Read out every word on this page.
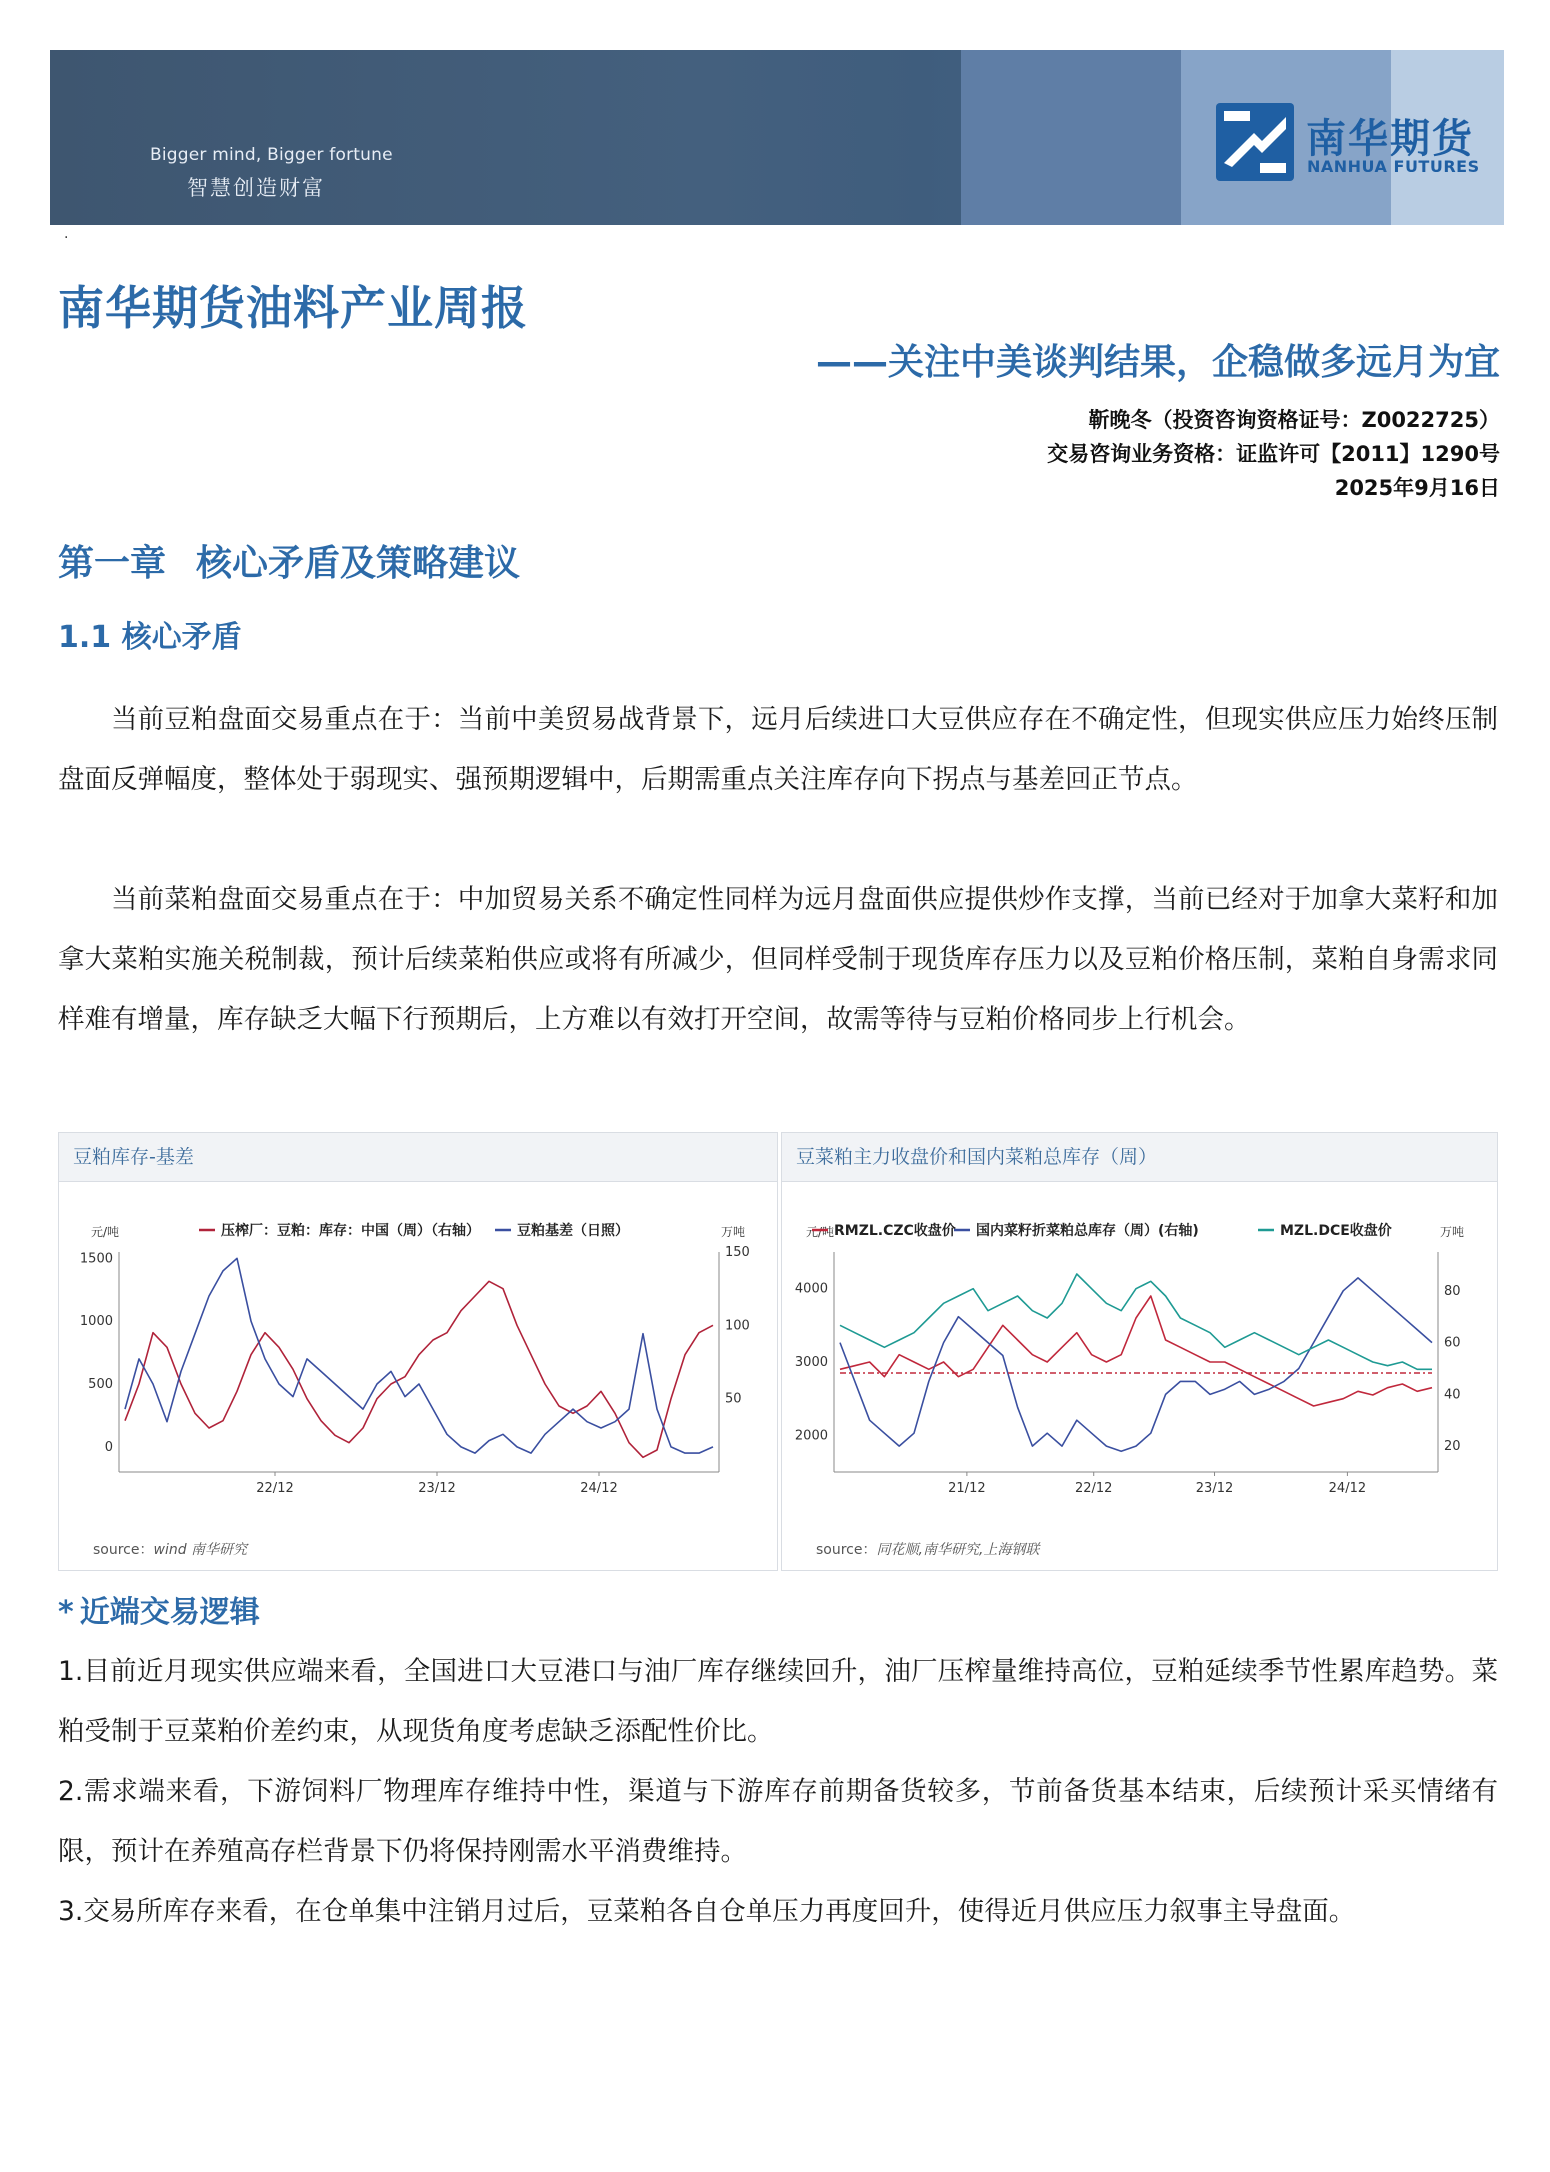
Bigger mind, Bigger fortune
智慧创造财富
南华期货
NANHUA FUTURES
.
南华期货油料产业周报
——关注中美谈判结果，企稳做多远月为宜
靳晚冬（投资咨询资格证号：Z0022725）
交易咨询业务资格：证监许可【2011】1290号
2025年9月16日
第一章 核心矛盾及策略建议
1.1 核心矛盾

当前豆粕盘面交易重点在于：当前中美贸易战背景下，远月后续进口大豆供应存在不确定性，但现实供应压力始终压制盘面反弹幅度，整体处于弱现实、强预期逻辑中，后期需重点关注库存向下拐点与基差回正节点。

当前菜粕盘面交易重点在于：中加贸易关系不确定性同样为远月盘面供应提供炒作支撑，当前已经对于加拿大菜籽和加拿大菜粕实施关税制裁，预计后续菜粕供应或将有所减少，但同样受制于现货库存压力以及豆粕价格压制，菜粕自身需求同样难有增量，库存缺乏大幅下行预期后，上方难以有效打开空间，故需等待与豆粕价格同步上行机会。

豆粕库存-基差
元/吨	万吨
0
500
1000
1500
50
100
150
22/12	23/12	24/12
压榨厂：豆粕：库存：中国（周）（右轴）	豆粕基差（日照）
source：wind 南华研究
豆菜粕主力收盘价和国内菜粕总库存（周）
元/吨	万吨
2000
3000
4000
20
40
60
80
21/12	22/12	23/12	24/12
RMZL.CZC收盘价 国内菜籽折菜粕总库存（周）(右轴)	MZL.DCE收盘价
source：同花顺,南华研究,上海钢联
* 近端交易逻辑

1.目前近月现实供应端来看，全国进口大豆港口与油厂库存继续回升，油厂压榨量维持高位，豆粕延续季节性累库趋势。菜粕受制于豆菜粕价差约束，从现货角度考虑缺乏添配性价比。

2.需求端来看，下游饲料厂物理库存维持中性，渠道与下游库存前期备货较多，节前备货基本结束，后续预计采买情绪有限，预计在养殖高存栏背景下仍将保持刚需水平消费维持。

3.交易所库存来看，在仓单集中注销月过后，豆菜粕各自仓单压力再度回升，使得近月供应压力叙事主导盘面。
